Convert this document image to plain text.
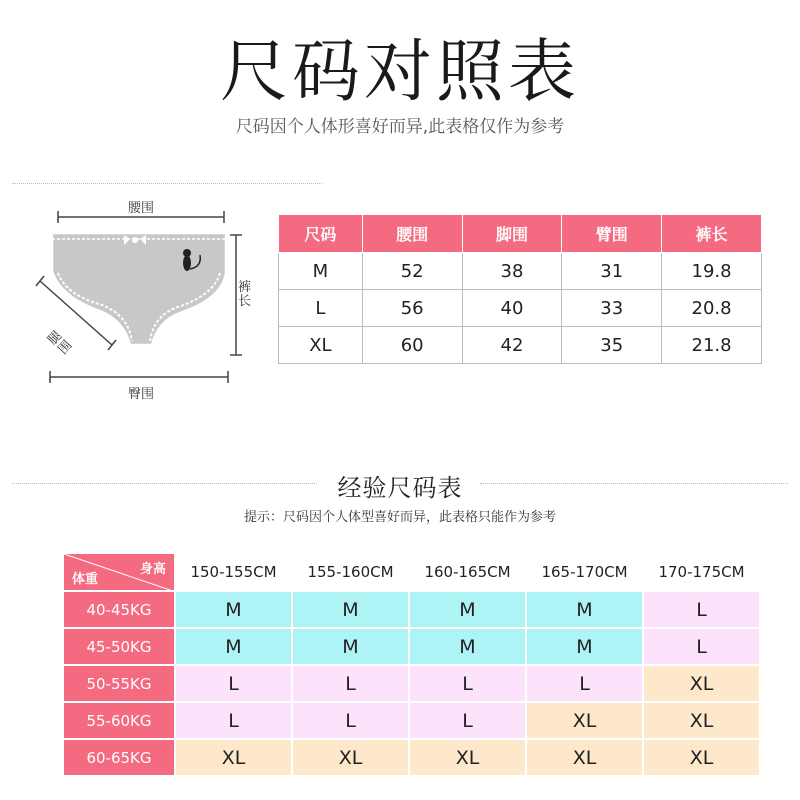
尺码对照表
尺码因个人体形喜好而异,此表格仅作为参考
腰围
裤长
腿围
臀围
尺码	腰围	脚围	臂围	裤长
M	52	38	31	19.8
L	56	40	33	20.8
XL	60	42	35	21.8
经验尺码表
提示：尺码因个人体型喜好而异，此表格只能作为参考
身高
体重	150-155CM	155-160CM	160-165CM	165-170CM	170-175CM
40-45KG	M	M	M	M	L
45-50KG	M	M	M	M	L
50-55KG	L	L	L	L	XL
55-60KG	L	L	L	XL	XL
60-65KG	XL	XL	XL	XL	XL
